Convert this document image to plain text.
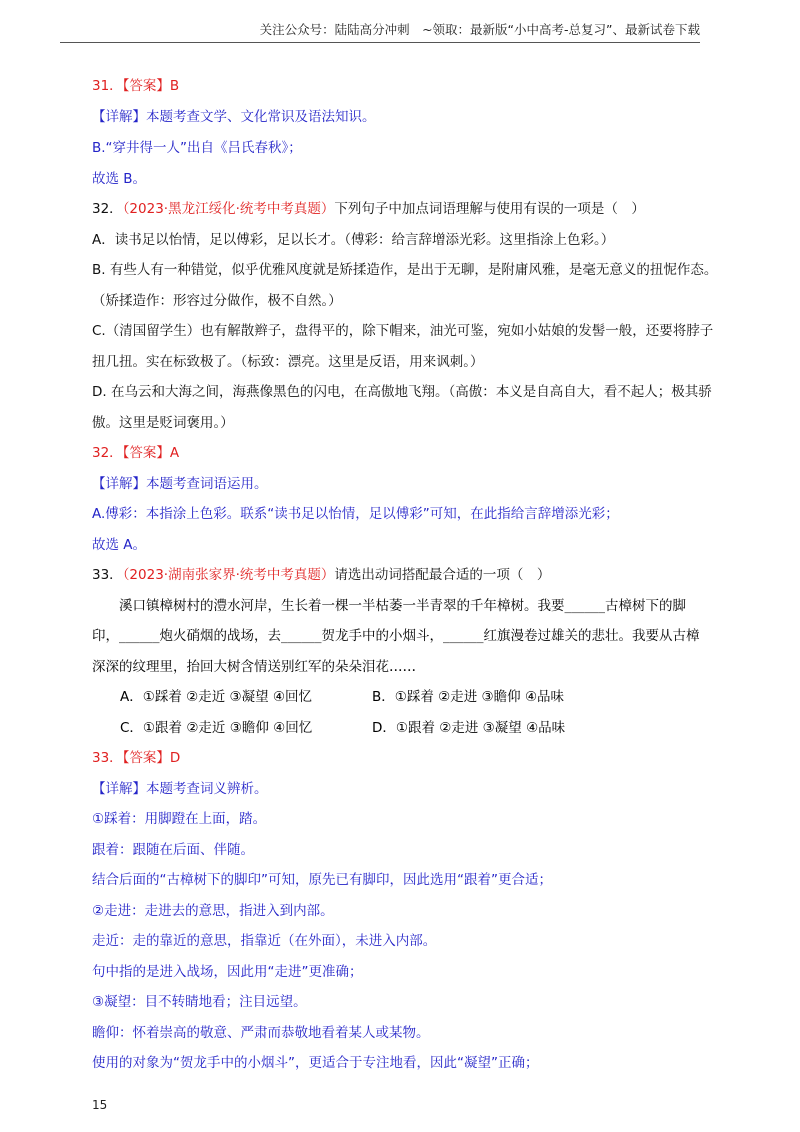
关注公众号：陆陆高分冲刺　~领取：最新版“小中高考-总复习”、最新试卷下载
31．【答案】B
【详解】本题考查文学、文化常识及语法知识。
B.“穿井得一人”出自《吕氏春秋》；
故选 B。
32．（2023·黑龙江绥化·统考中考真题）下列句子中加点词语理解与使用有误的一项是（　）
A．读书足以怡情，足以傅彩，足以长才。（傅彩：给言辞增添光彩。这里指涂上色彩。）
B. 有些人有一种错觉，似乎优雅风度就是矫揉造作，是出于无聊，是附庸风雅，是毫无意义的扭怩作态。
（矫揉造作：形容过分做作，极不自然。）
C.（清国留学生）也有解散辫子，盘得平的，除下帽来，油光可鉴，宛如小姑娘的发髻一般，还要将脖子
扭几扭。实在标致极了。（标致：漂亮。这里是反语，用来讽刺。）
D. 在乌云和大海之间，海燕像黑色的闪电，在高傲地飞翔。（高傲：本义是自高自大，看不起人；极其骄
傲。这里是贬词褒用。）
32．【答案】A
【详解】本题考查词语运用。
A.傅彩：本指涂上色彩。联系“读书足以怡情，足以傅彩”可知，在此指给言辞增添光彩；
故选 A。
33．（2023·湖南张家界·统考中考真题）请选出动词搭配最合适的一项（　）
　　溪口镇樟树村的澧水河岸，生长着一棵一半枯萎一半青翠的千年樟树。我要______古樟树下的脚
印，______炮火硝烟的战场，去______贺龙手中的小烟斗，______红旗漫卷过雄关的悲壮。我要从古樟
深深的纹理里，抬回大树含情送别红军的朵朵泪花……
A．①踩着 ②走近 ③凝望 ④回忆	B．①踩着 ②走进 ③瞻仰 ④品味
C．①跟着 ②走近 ③瞻仰 ④回忆	D．①跟着 ②走进 ③凝望 ④品味
33．【答案】D
【详解】本题考查词义辨析。
①踩着：用脚蹬在上面，踏。
跟着：跟随在后面、伴随。
结合后面的“古樟树下的脚印”可知，原先已有脚印，因此选用“跟着”更合适；
②走进：走进去的意思，指进入到内部。
走近：走的靠近的意思，指靠近（在外面），未进入内部。
句中指的是进入战场，因此用“走进”更准确；
③凝望：目不转睛地看；注目远望。
瞻仰：怀着崇高的敬意、严肃而恭敬地看着某人或某物。
使用的对象为“贺龙手中的小烟斗”，更适合于专注地看，因此“凝望”正确；
15
